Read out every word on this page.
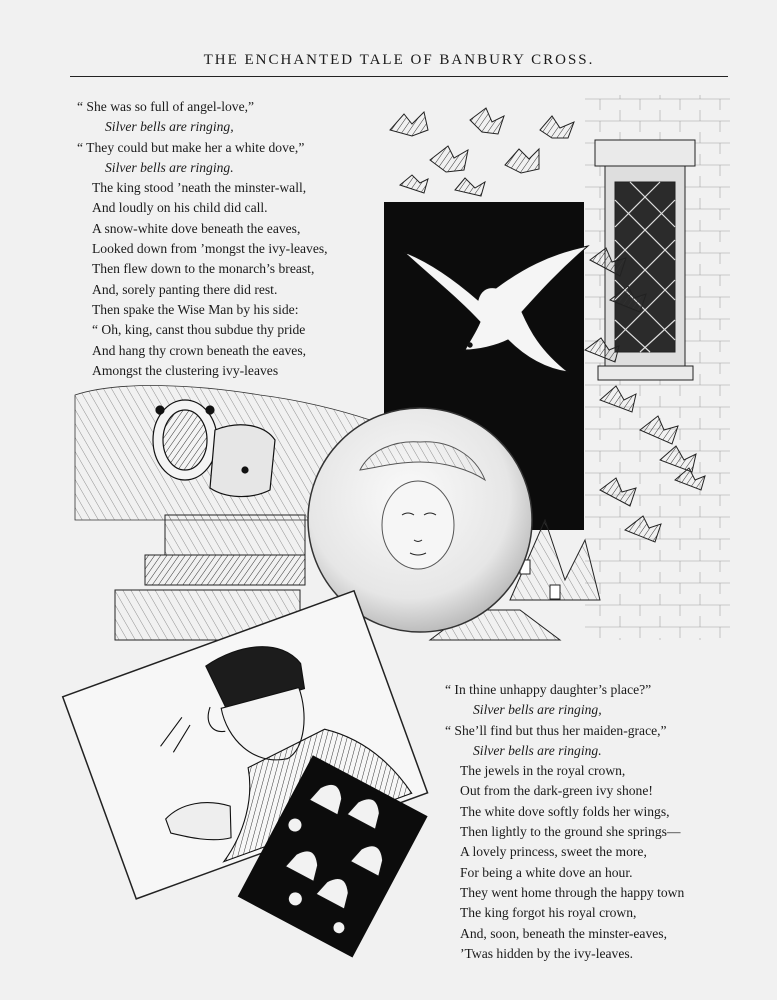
THE ENCHANTED TALE OF BANBURY CROSS.
“ She was so full of angel-love,”
Silver bells are ringing,
“ They could but make her a white dove,”
Silver bells are ringing.
The king stood ’neath the minster-wall,
And loudly on his child did call.
A snow-white dove beneath the eaves,
Looked down from ’mongst the ivy-leaves,
Then flew down to the monarch’s breast,
And, sorely panting there did rest.
Then spake the Wise Man by his side:
“ Oh, king, canst thou subdue thy pride
And hang thy crown beneath the eaves,
Amongst the clustering ivy-leaves
“ In thine unhappy daughter’s place?”
Silver bells are ringing,
“ She’ll find but thus her maiden-grace,”
Silver bells are ringing.
The jewels in the royal crown,
Out from the dark-green ivy shone!
The white dove softly folds her wings,
Then lightly to the ground she springs—
A lovely princess, sweet the more,
For being a white dove an hour.
They went home through the happy town
The king forgot his royal crown,
And, soon, beneath the minster-eaves,
’Twas hidden by the ivy-leaves.
